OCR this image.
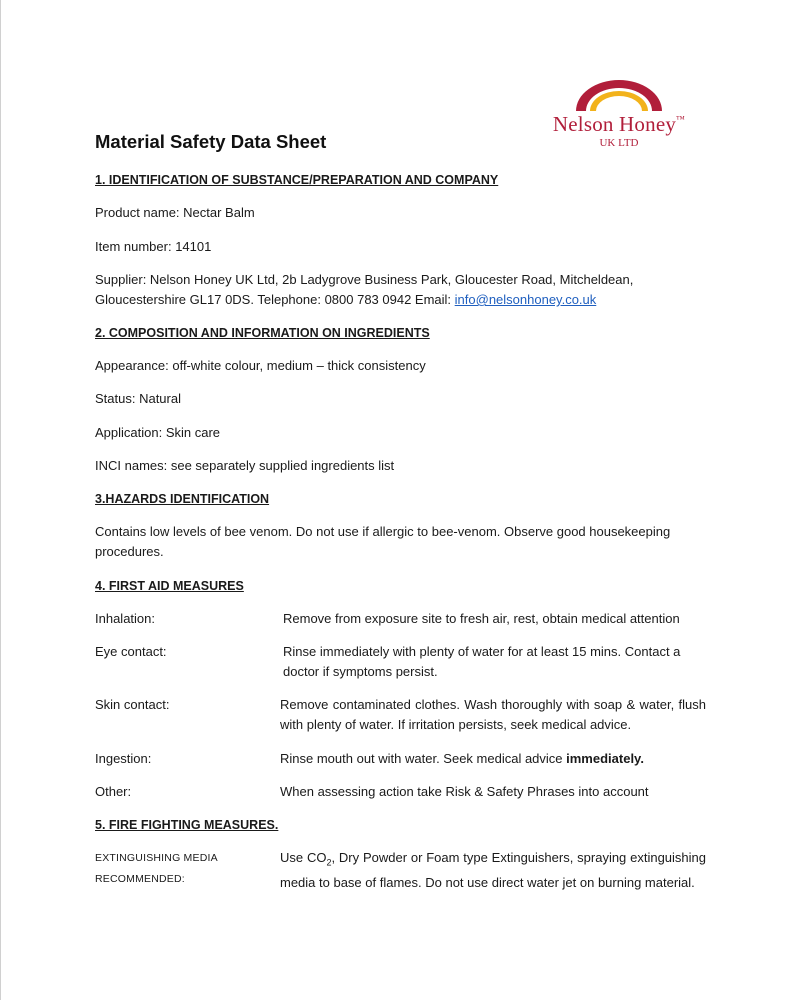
Nelson Honey™
UK LTD
Material Safety Data Sheet
1. IDENTIFICATION OF SUBSTANCE/PREPARATION AND COMPANY
Product name: Nectar Balm
Item number: 14101
Supplier: Nelson Honey UK Ltd, 2b Ladygrove Business Park, Gloucester Road, Mitcheldean,
Gloucestershire GL17 0DS. Telephone: 0800 783 0942 Email: info@nelsonhoney.co.uk
2. COMPOSITION AND INFORMATION ON INGREDIENTS
Appearance: off-white colour, medium – thick consistency
Status: Natural
Application: Skin care
INCI names: see separately supplied ingredients list
3.HAZARDS IDENTIFICATION
Contains low levels of bee venom. Do not use if allergic to bee-venom. Observe good housekeeping procedures.
4. FIRST AID MEASURES
Inhalation:	Remove from exposure site to fresh air, rest, obtain medical attention
Eye contact:	Rinse immediately with plenty of water for at least 15 mins. Contact a doctor if symptoms persist.
Skin contact:	Remove contaminated clothes. Wash thoroughly with soap & water, flush with plenty of water. If irritation persists, seek medical advice.
Ingestion:	Rinse mouth out with water. Seek medical advice immediately.
Other:	When assessing action take Risk & Safety Phrases into account
5. FIRE FIGHTING MEASURES.
EXTINGUISHING MEDIA
RECOMMENDED:
Use $CO_2$, Dry Powder or Foam type Extinguishers, spraying extinguishing media to base of flames. Do not use direct water jet on burning material.
